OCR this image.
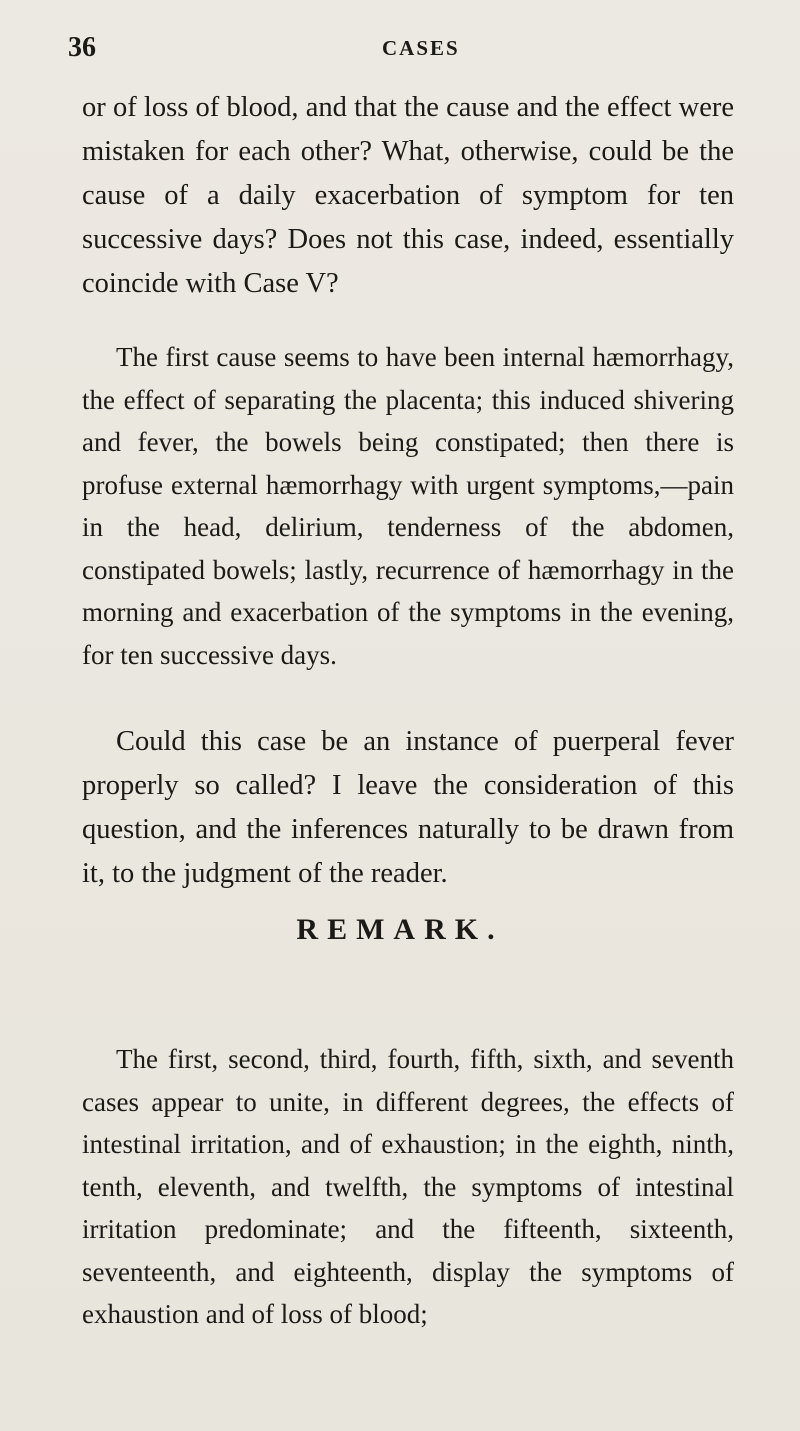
36	CASES

or of loss of blood, and that the cause and the effect were mistaken for each other? What, otherwise, could be the cause of a daily exacerbation of symptom for ten successive days? Does not this case, indeed, essentially coincide with Case V?

The first cause seems to have been internal hæmorrhagy, the effect of separating the placenta; this induced shivering and fever, the bowels being constipated; then there is profuse external hæmorrhagy with urgent symptoms,—pain in the head, delirium, tenderness of the abdomen, constipated bowels; lastly, recurrence of hæmorrhagy in the morning and exacerbation of the symptoms in the evening, for ten successive days.

Could this case be an instance of puerperal fever properly so called? I leave the consideration of this question, and the inferences naturally to be drawn from it, to the judgment of the reader.

REMARK.

The first, second, third, fourth, fifth, sixth, and seventh cases appear to unite, in different degrees, the effects of intestinal irritation, and of exhaustion; in the eighth, ninth, tenth, eleventh, and twelfth, the symptoms of intestinal irritation predominate; and the fifteenth, sixteenth, seventeenth, and eighteenth, display the symptoms of exhaustion and of loss of blood;
